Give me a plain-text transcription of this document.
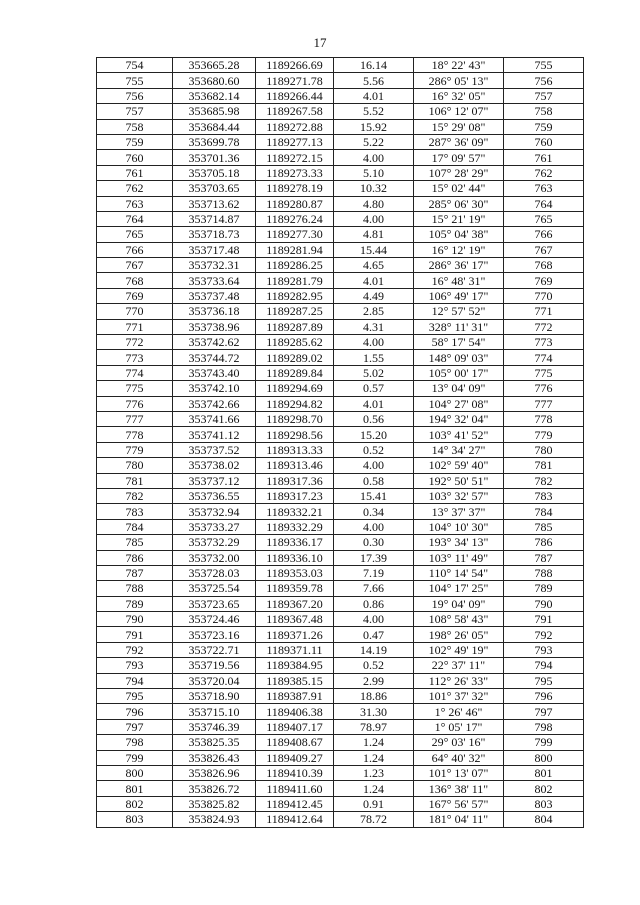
17
754	353665.28	1189266.69	16.14	18° 22' 43"	755
755	353680.60	1189271.78	5.56	286° 05' 13"	756
756	353682.14	1189266.44	4.01	16° 32' 05"	757
757	353685.98	1189267.58	5.52	106° 12' 07"	758
758	353684.44	1189272.88	15.92	15° 29' 08"	759
759	353699.78	1189277.13	5.22	287° 36' 09"	760
760	353701.36	1189272.15	4.00	17° 09' 57"	761
761	353705.18	1189273.33	5.10	107° 28' 29"	762
762	353703.65	1189278.19	10.32	15° 02' 44"	763
763	353713.62	1189280.87	4.80	285° 06' 30"	764
764	353714.87	1189276.24	4.00	15° 21' 19"	765
765	353718.73	1189277.30	4.81	105° 04' 38"	766
766	353717.48	1189281.94	15.44	16° 12' 19"	767
767	353732.31	1189286.25	4.65	286° 36' 17"	768
768	353733.64	1189281.79	4.01	16° 48' 31"	769
769	353737.48	1189282.95	4.49	106° 49' 17"	770
770	353736.18	1189287.25	2.85	12° 57' 52"	771
771	353738.96	1189287.89	4.31	328° 11' 31"	772
772	353742.62	1189285.62	4.00	58° 17' 54"	773
773	353744.72	1189289.02	1.55	148° 09' 03"	774
774	353743.40	1189289.84	5.02	105° 00' 17"	775
775	353742.10	1189294.69	0.57	13° 04' 09"	776
776	353742.66	1189294.82	4.01	104° 27' 08"	777
777	353741.66	1189298.70	0.56	194° 32' 04"	778
778	353741.12	1189298.56	15.20	103° 41' 52"	779
779	353737.52	1189313.33	0.52	14° 34' 27"	780
780	353738.02	1189313.46	4.00	102° 59' 40"	781
781	353737.12	1189317.36	0.58	192° 50' 51"	782
782	353736.55	1189317.23	15.41	103° 32' 57"	783
783	353732.94	1189332.21	0.34	13° 37' 37"	784
784	353733.27	1189332.29	4.00	104° 10' 30"	785
785	353732.29	1189336.17	0.30	193° 34' 13"	786
786	353732.00	1189336.10	17.39	103° 11' 49"	787
787	353728.03	1189353.03	7.19	110° 14' 54"	788
788	353725.54	1189359.78	7.66	104° 17' 25"	789
789	353723.65	1189367.20	0.86	19° 04' 09"	790
790	353724.46	1189367.48	4.00	108° 58' 43"	791
791	353723.16	1189371.26	0.47	198° 26' 05"	792
792	353722.71	1189371.11	14.19	102° 49' 19"	793
793	353719.56	1189384.95	0.52	22° 37' 11"	794
794	353720.04	1189385.15	2.99	112° 26' 33"	795
795	353718.90	1189387.91	18.86	101° 37' 32"	796
796	353715.10	1189406.38	31.30	1° 26' 46"	797
797	353746.39	1189407.17	78.97	1° 05' 17"	798
798	353825.35	1189408.67	1.24	29° 03' 16"	799
799	353826.43	1189409.27	1.24	64° 40' 32"	800
800	353826.96	1189410.39	1.23	101° 13' 07"	801
801	353826.72	1189411.60	1.24	136° 38' 11"	802
802	353825.82	1189412.45	0.91	167° 56' 57"	803
803	353824.93	1189412.64	78.72	181° 04' 11"	804
